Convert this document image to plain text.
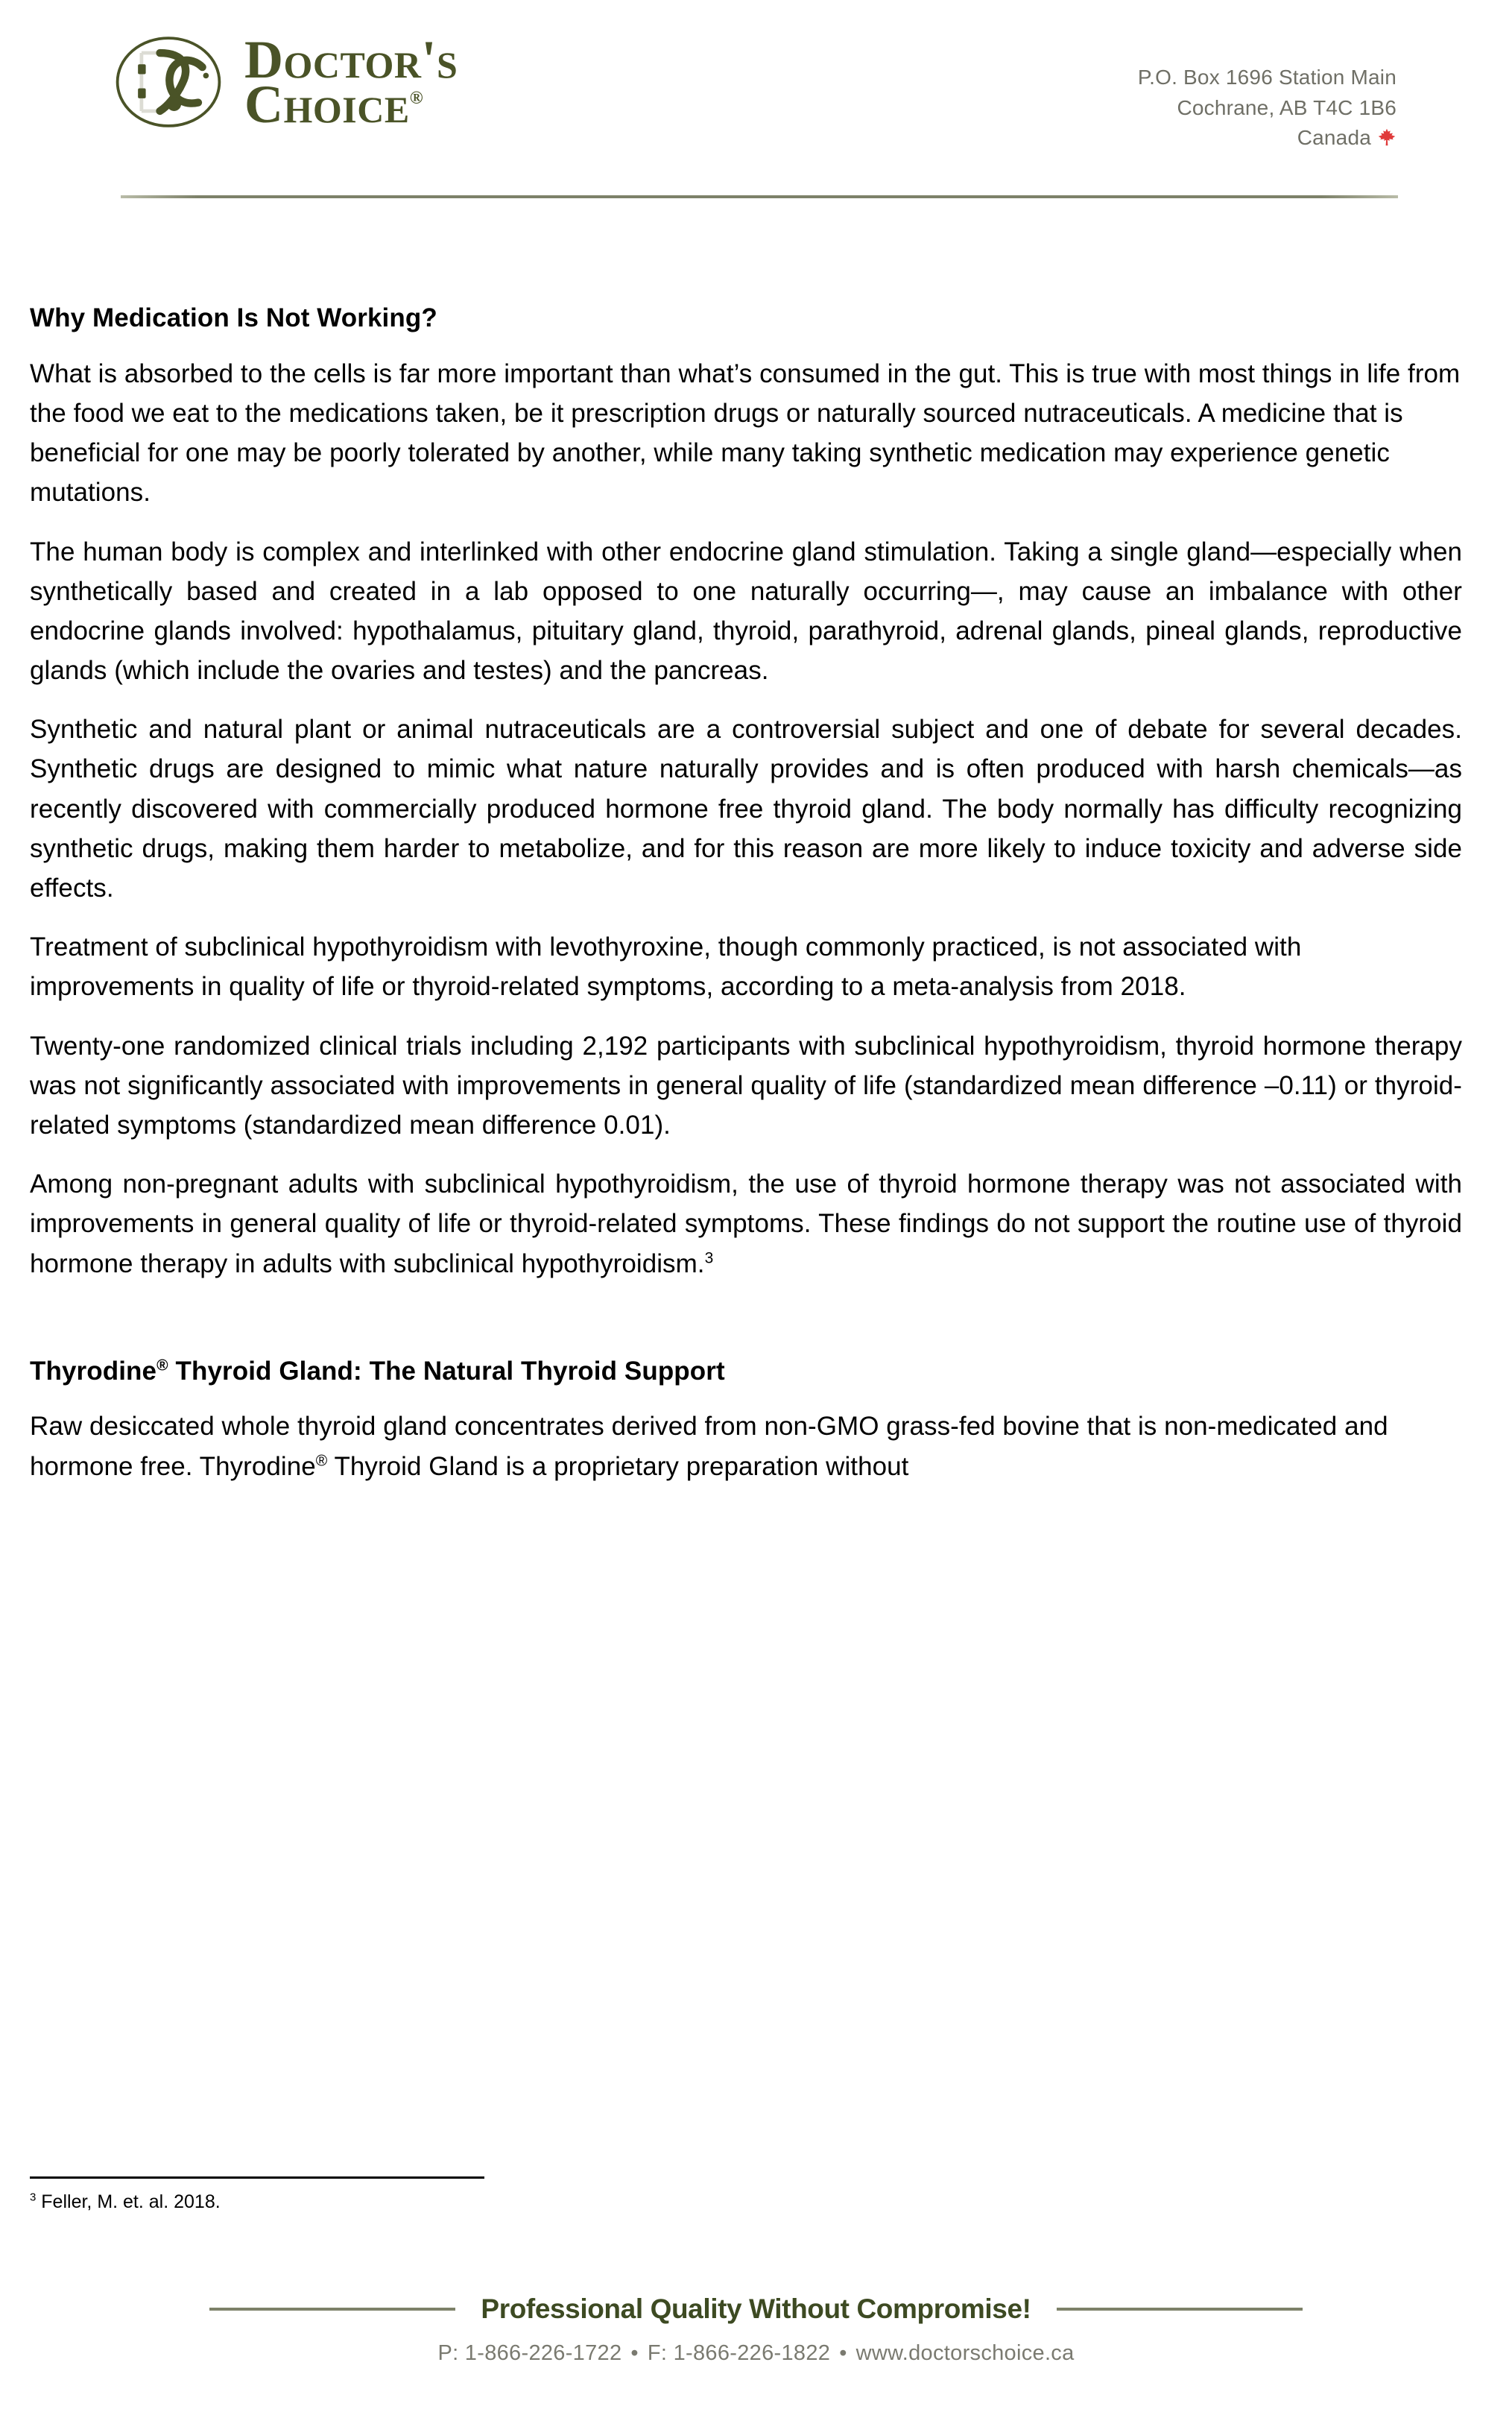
Doctor's
Choice®
P.O. Box 1696 Station Main
Cochrane, AB T4C 1B6
Canada
Why Medication Is Not Working?

What is absorbed to the cells is far more important than what’s consumed in the gut. This is true with most things in life from the food we eat to the medications taken, be it prescription drugs or naturally sourced nutraceuticals. A medicine that is beneficial for one may be poorly tolerated by another, while many taking synthetic medication may experience genetic mutations.

The human body is complex and interlinked with other endocrine gland stimulation. Taking a single gland—especially when synthetically based and created in a lab opposed to one naturally occurring—, may cause an imbalance with other endocrine glands involved: hypothalamus, pituitary gland, thyroid, parathyroid, adrenal glands, pineal glands, reproductive glands (which include the ovaries and testes) and the pancreas.

Synthetic and natural plant or animal nutraceuticals are a controversial subject and one of debate for several decades. Synthetic drugs are designed to mimic what nature naturally provides and is often produced with harsh chemicals—as recently discovered with commercially produced hormone free thyroid gland. The body normally has difficulty recognizing synthetic drugs, making them harder to metabolize, and for this reason are more likely to induce toxicity and adverse side effects.

Treatment of subclinical hypothyroidism with levothyroxine, though commonly practiced, is not associated with improvements in quality of life or thyroid-related symptoms, according to a meta-analysis from 2018.

Twenty-one randomized clinical trials including 2,192 participants with subclinical hypothyroidism, thyroid hormone therapy was not significantly associated with improvements in general quality of life (standardized mean difference –0.11) or thyroid-related symptoms (standardized mean difference 0.01).

Among non-pregnant adults with subclinical hypothyroidism, the use of thyroid hormone therapy was not associated with improvements in general quality of life or thyroid-related symptoms. These findings do not support the routine use of thyroid hormone therapy in adults with subclinical hypothyroidism.$^3$

Thyrodine® Thyroid Gland: The Natural Thyroid Support

Raw desiccated whole thyroid gland concentrates derived from non-GMO grass-fed bovine that is non-medicated and hormone free. Thyrodine® Thyroid Gland is a proprietary preparation without

$^3$ Feller, M. et. al. 2018.
Professional Quality Without Compromise!
P: 1-866-226-1722 • F: 1-866-226-1822 • www.doctorschoice.ca
